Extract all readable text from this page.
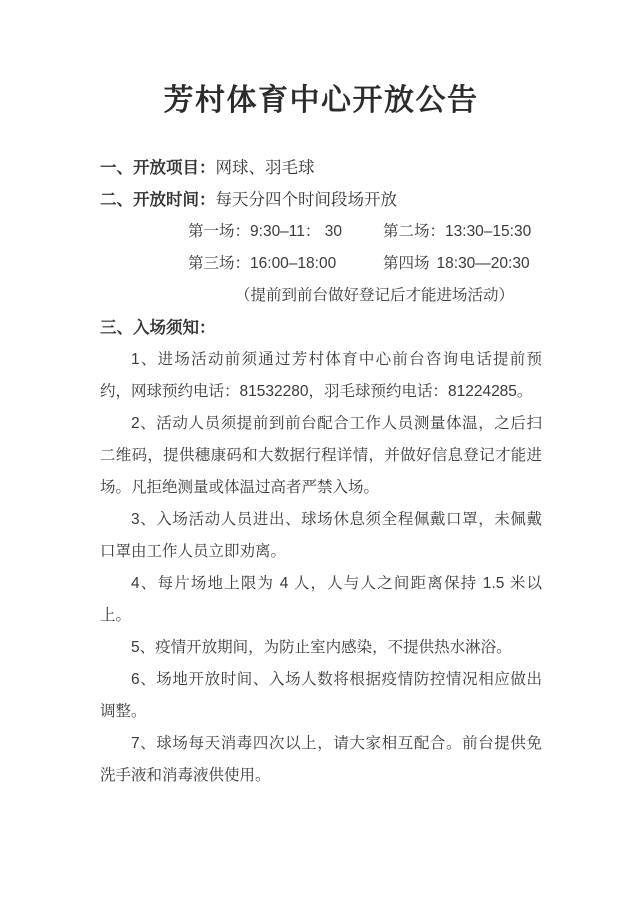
芳村体育中心开放公告
一、开放项目：网球、羽毛球
二、开放时间：每天分四个时间段场开放
第一场：9:30–11： 30	第二场：13:30–15:30
第三场：16:00–18:00	第四场 18:30—20:30
（提前到前台做好登记后才能进场活动）
三、入场须知：

1、进场活动前须通过芳村体育中心前台咨询电话提前预约，网球预约电话：81532280，羽毛球预约电话：81224285。

2、活动人员须提前到前台配合工作人员测量体温，之后扫二维码，提供穗康码和大数据行程详情，并做好信息登记才能进场。凡拒绝测量或体温过高者严禁入场。

3、入场活动人员进出、球场休息须全程佩戴口罩，未佩戴口罩由工作人员立即劝离。

4、每片场地上限为 4 人，人与人之间距离保持 1.5 米以上。

5、疫情开放期间，为防止室内感染，不提供热水淋浴。

6、场地开放时间、入场人数将根据疫情防控情况相应做出调整。

7、球场每天消毒四次以上，请大家相互配合。前台提供免洗手液和消毒液供使用。
